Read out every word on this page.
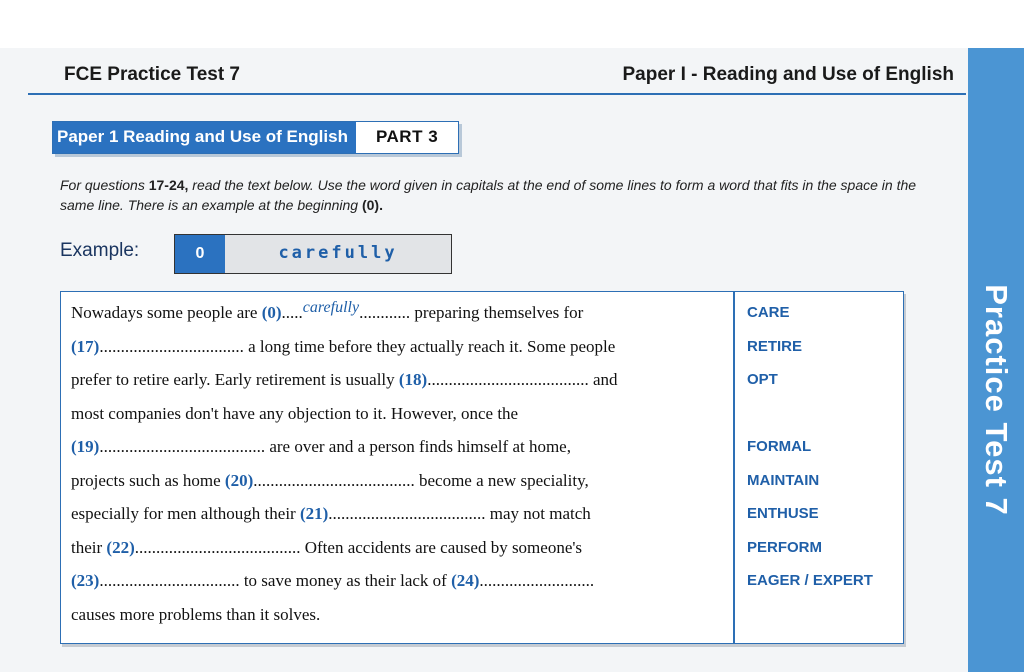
Practice Test 7
FCE Practice Test 7	Paper I - Reading and Use of English
Paper 1 Reading and Use of English	PART 3
For questions 17-24, read the text below. Use the word given in capitals at the end of some lines to form a word that fits in the space in the same line. There is an example at the beginning (0).
Example:	0	carefully
Nowadays some people are (0).....carefully............ preparing themselves for	CARE
(17).................................. a long time before they actually reach it. Some people	RETIRE
prefer to retire early. Early retirement is usually (18)...................................... and	OPT
most companies don't have any objection to it. However, once the
(19)....................................... are over and a person finds himself at home,	FORMAL
projects such as home (20)...................................... become a new speciality,	MAINTAIN
especially for men although their (21)..................................... may not match	ENTHUSE
their (22)....................................... Often accidents are caused by someone's	PERFORM
(23)................................. to save money as their lack of (24)...........................	EAGER / EXPERT
causes more problems than it solves.
